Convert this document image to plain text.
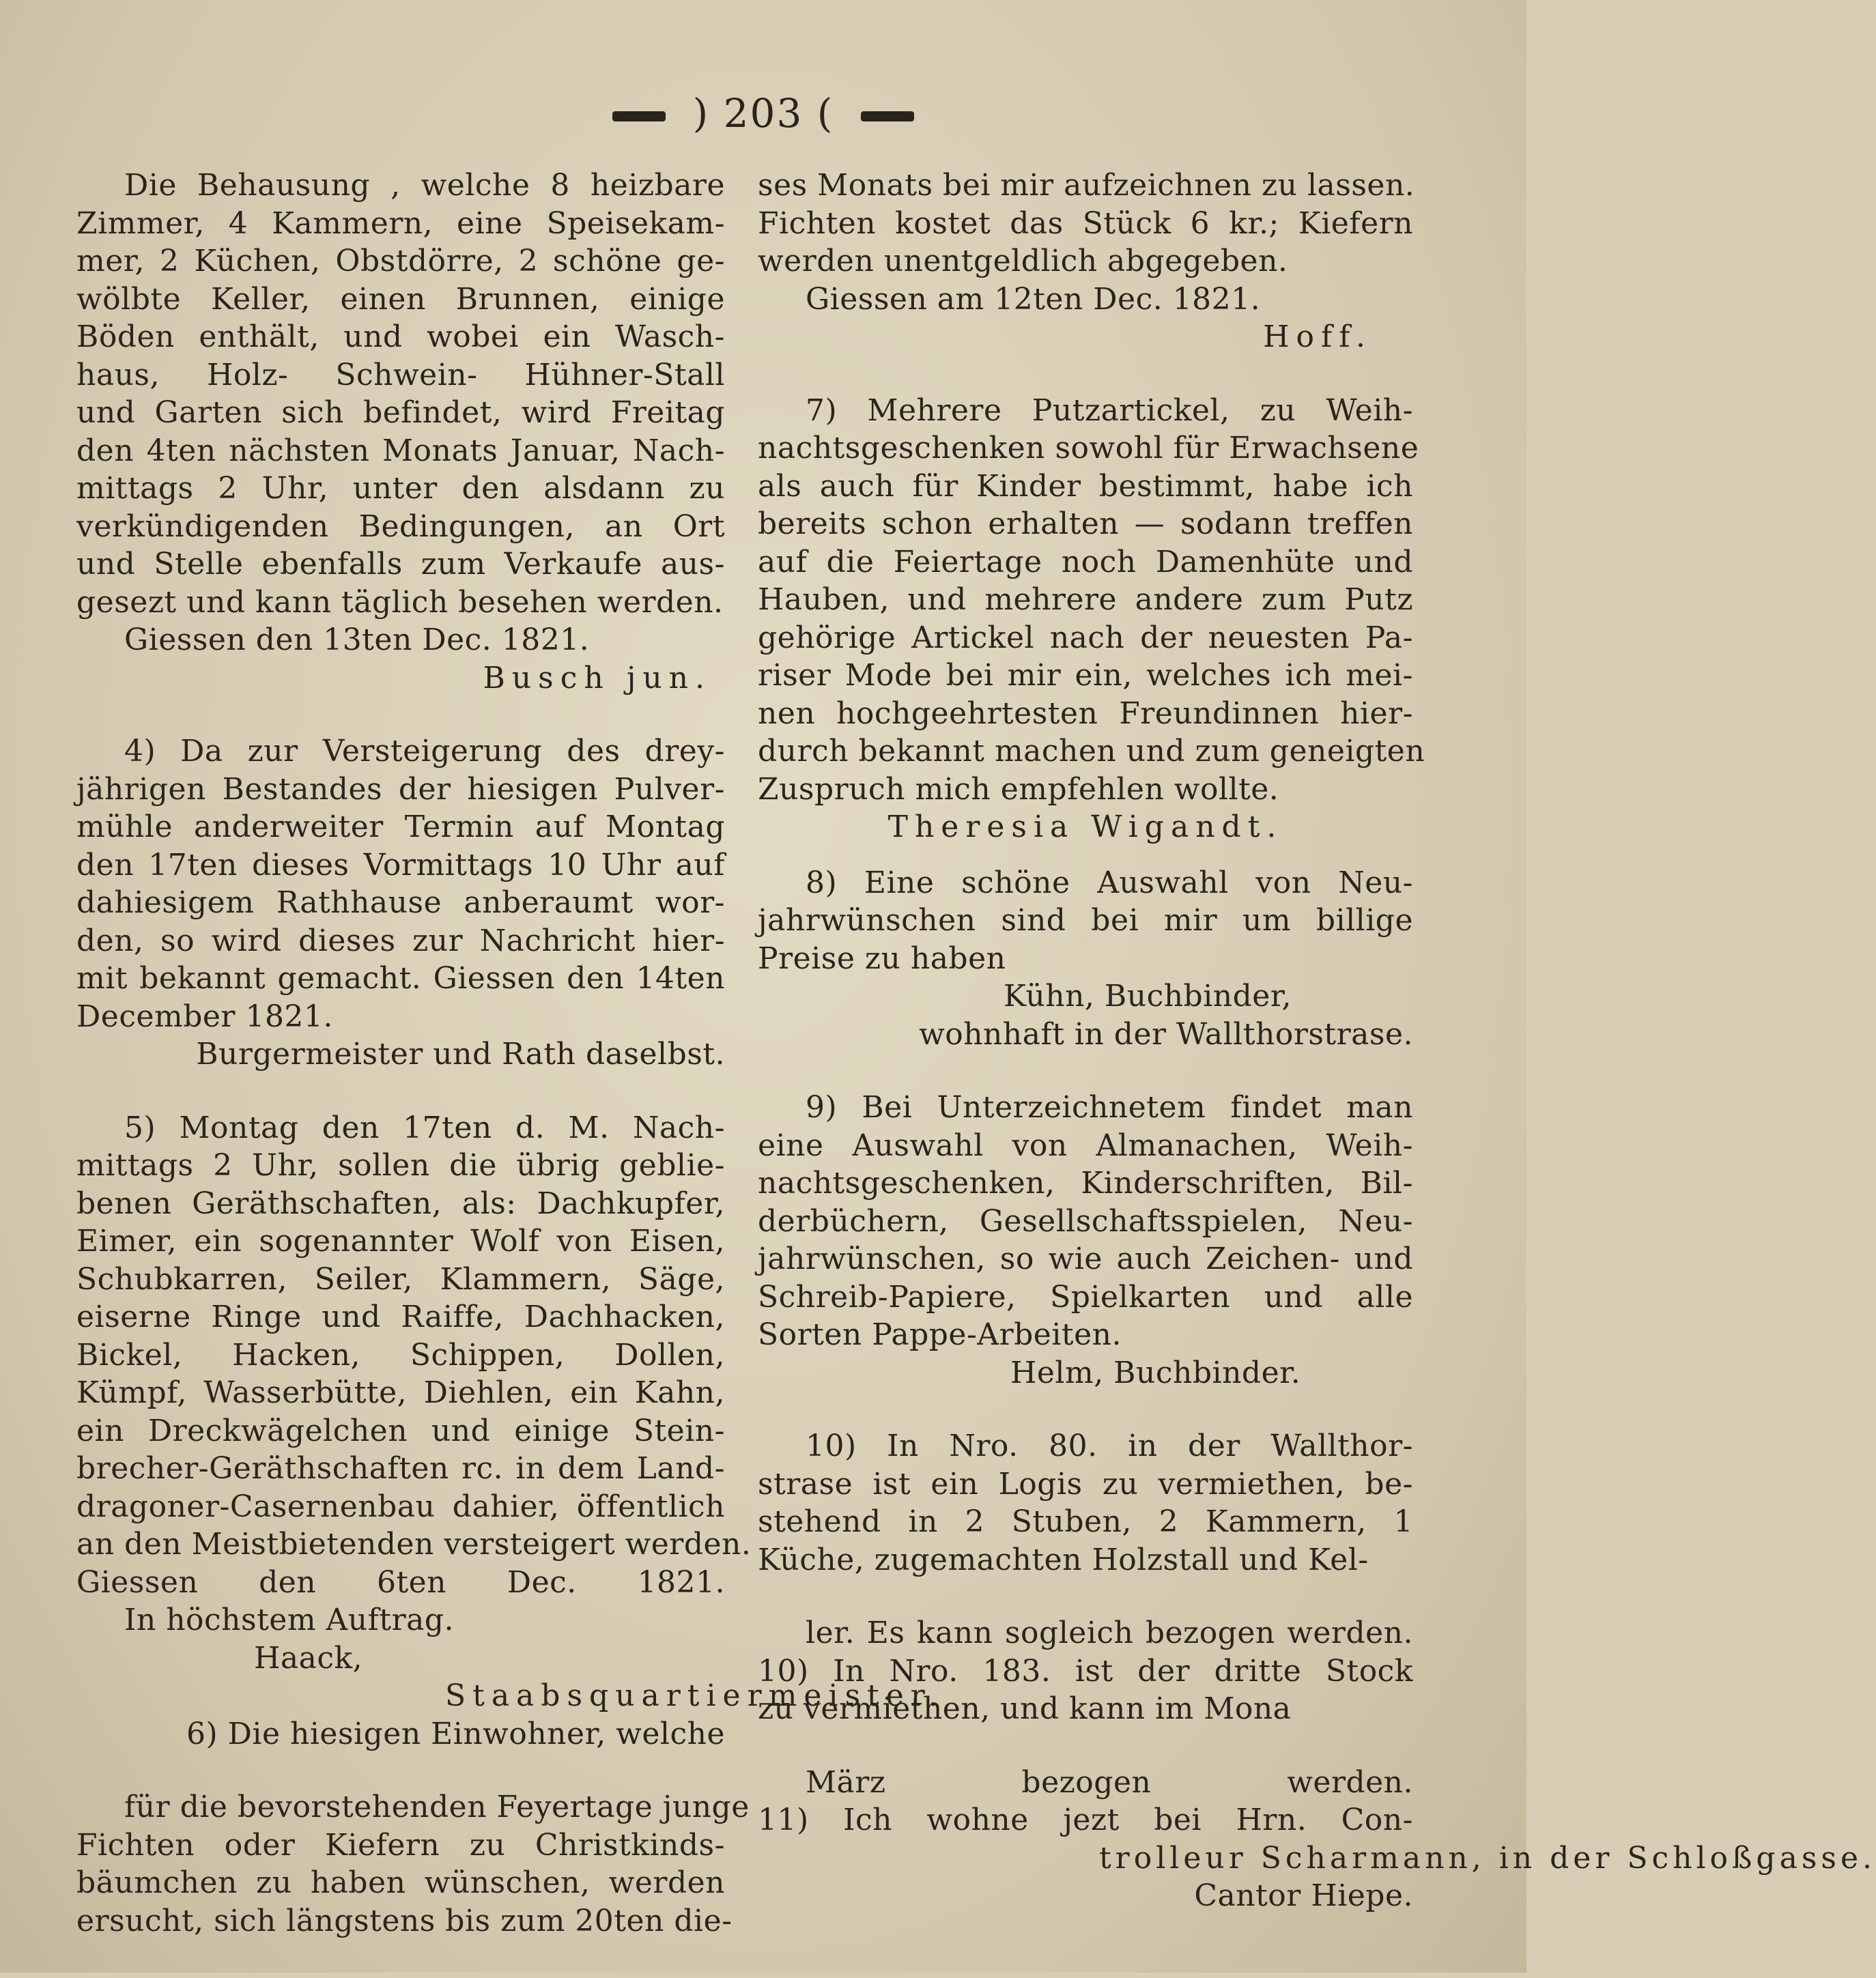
) 203 (
Die Behausung , welche 8 heizbare
Zimmer, 4 Kammern, eine Speisekam-
mer, 2 Küchen, Obstdörre, 2 schöne ge-
wölbte Keller, einen Brunnen, einige
Böden enthält, und wobei ein Wasch-
haus, Holz- Schwein- Hühner-Stall
und Garten sich befindet, wird Freitag
den 4ten nächsten Monats Januar, Nach-
mittags 2 Uhr, unter den alsdann zu
verkündigenden Bedingungen, an Ort
und Stelle ebenfalls zum Verkaufe aus-
gesezt und kann täglich besehen werden.
Giessen den 13ten Dec. 1821.
Busch jun.
4) Da zur Versteigerung des drey-
jährigen Bestandes der hiesigen Pulver-
mühle anderweiter Termin auf Montag
den 17ten dieses Vormittags 10 Uhr auf
dahiesigem Rathhause anberaumt wor-
den, so wird dieses zur Nachricht hier-
mit bekannt gemacht. Giessen den 14ten
December 1821.
Burgermeister und Rath daselbst.
5) Montag den 17ten d. M. Nach-
mittags 2 Uhr, sollen die übrig geblie-
benen Geräthschaften, als: Dachkupfer,
Eimer, ein sogenannter Wolf von Eisen,
Schubkarren, Seiler, Klammern, Säge,
eiserne Ringe und Raiffe, Dachhacken,
Bickel, Hacken, Schippen, Dollen,
Kümpf, Wasserbütte, Diehlen, ein Kahn,
ein Dreckwägelchen und einige Stein-
brecher-Geräthschaften rc. in dem Land-
dragoner-Casernenbau dahier, öffentlich
an den Meistbietenden versteigert werden.
Giessen den 6ten Dec. 1821.
In höchstem Auftrag.
Haack,
Staabsquartiermeister.
6) Die hiesigen Einwohner, welche
für die bevorstehenden Feyertage junge
Fichten oder Kiefern zu Christkinds-
bäumchen zu haben wünschen, werden
ersucht, sich längstens bis zum 20ten die-
ses Monats bei mir aufzeichnen zu lassen.
Fichten kostet das Stück 6 kr.; Kiefern
werden unentgeldlich abgegeben.
Giessen am 12ten Dec. 1821.
Hoff.
7) Mehrere Putzartickel, zu Weih-
nachtsgeschenken sowohl für Erwachsene
als auch für Kinder bestimmt, habe ich
bereits schon erhalten — sodann treffen
auf die Feiertage noch Damenhüte und
Hauben, und mehrere andere zum Putz
gehörige Artickel nach der neuesten Pa-
riser Mode bei mir ein, welches ich mei-
nen hochgeehrtesten Freundinnen hier-
durch bekannt machen und zum geneigten
Zuspruch mich empfehlen wollte.
Theresia Wigandt.
8) Eine schöne Auswahl von Neu-
jahrwünschen sind bei mir um billige
Preise zu haben
Kühn, Buchbinder,
wohnhaft in der Wallthorstrase.
9) Bei Unterzeichnetem findet man
eine Auswahl von Almanachen, Weih-
nachtsgeschenken, Kinderschriften, Bil-
derbüchern, Gesellschaftsspielen, Neu-
jahrwünschen, so wie auch Zeichen- und
Schreib-Papiere, Spielkarten und alle
Sorten Pappe-Arbeiten.
Helm, Buchbinder.
10) In Nro. 80. in der Wallthor-
strase ist ein Logis zu vermiethen, be-
stehend in 2 Stuben, 2 Kammern, 1
Küche, zugemachten Holzstall und Kel-
ler. Es kann sogleich bezogen werden.
10) In Nro. 183. ist der dritte Stock
zu vermiethen, und kann im Mona
März bezogen werden.
11) Ich wohne jezt bei Hrn. Con-
trolleur Scharmann, in der Schloßgasse.
Cantor Hiepe.
